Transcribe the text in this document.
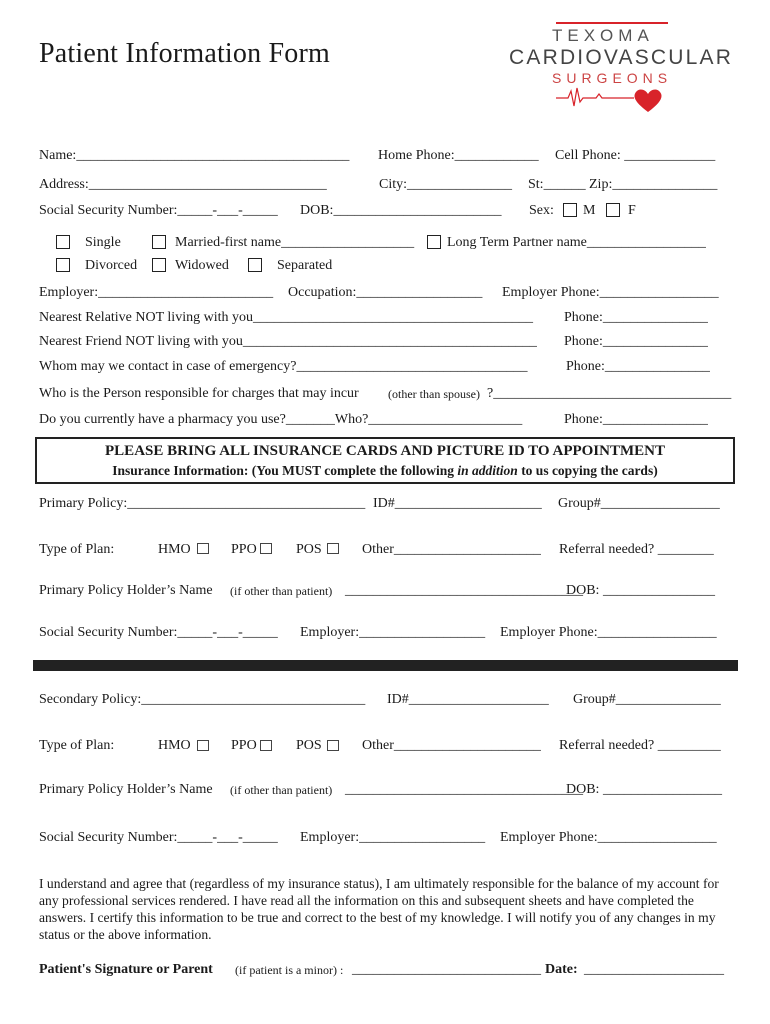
Patient Information Form
TEXOMA
CARDIOVASCULAR
SURGEONS
Name:_______________________________________ Home Phone:____________ Cell Phone: _____________
Address:__________________________________	City:_______________ St:______ Zip:_______________
Social Security Number:_____-___-_____ DOB:________________________ Sex: M F
Single	Married-first name___________________ Long Term Partner name_________________
Divorced	Widowed	Separated
Employer:_________________________ Occupation:__________________ Employer Phone:_________________
Nearest Relative NOT living with you________________________________________ Phone:_______________
Nearest Friend NOT living with you__________________________________________ Phone:_______________
Whom may we contact in case of emergency?_________________________________	Phone:_______________
Who is the Person responsible for charges that may incur (other than spouse) ?__________________________________
Do you currently have a pharmacy you use?_______Who?______________________	Phone:_______________
PLEASE BRING ALL INSURANCE CARDS AND PICTURE ID TO APPOINTMENT
Insurance Information: (You MUST complete the following in addition to us copying the cards)
Primary Policy:__________________________________ ID#_____________________ Group#_________________
Type of Plan:	HMO	PPO	POS	Other_____________________ Referral needed? ________
Primary Policy Holder’s Name (if other than patient) __________________________________
DOB: ________________
Social Security Number:_____-___-_____ Employer:__________________ Employer Phone:_________________
Secondary Policy:________________________________ ID#____________________ Group#_______________
Type of Plan:	HMO	PPO	POS	Other_____________________ Referral needed? _________
Primary Policy Holder’s Name (if other than patient) __________________________________
DOB: _________________
Social Security Number:_____-___-_____ Employer:__________________ Employer Phone:_________________
I understand and agree that (regardless of my insurance status), I am ultimately responsible for the balance of my account for any professional services rendered. I have read all the information on this and subsequent sheets and have completed the answers. I certify this information to be true and correct to the best of my knowledge. I will notify you of any changes in my status or the above information.
Patient's Signature or Parent (if patient is a minor) : ___________________________ Date: ____________________
